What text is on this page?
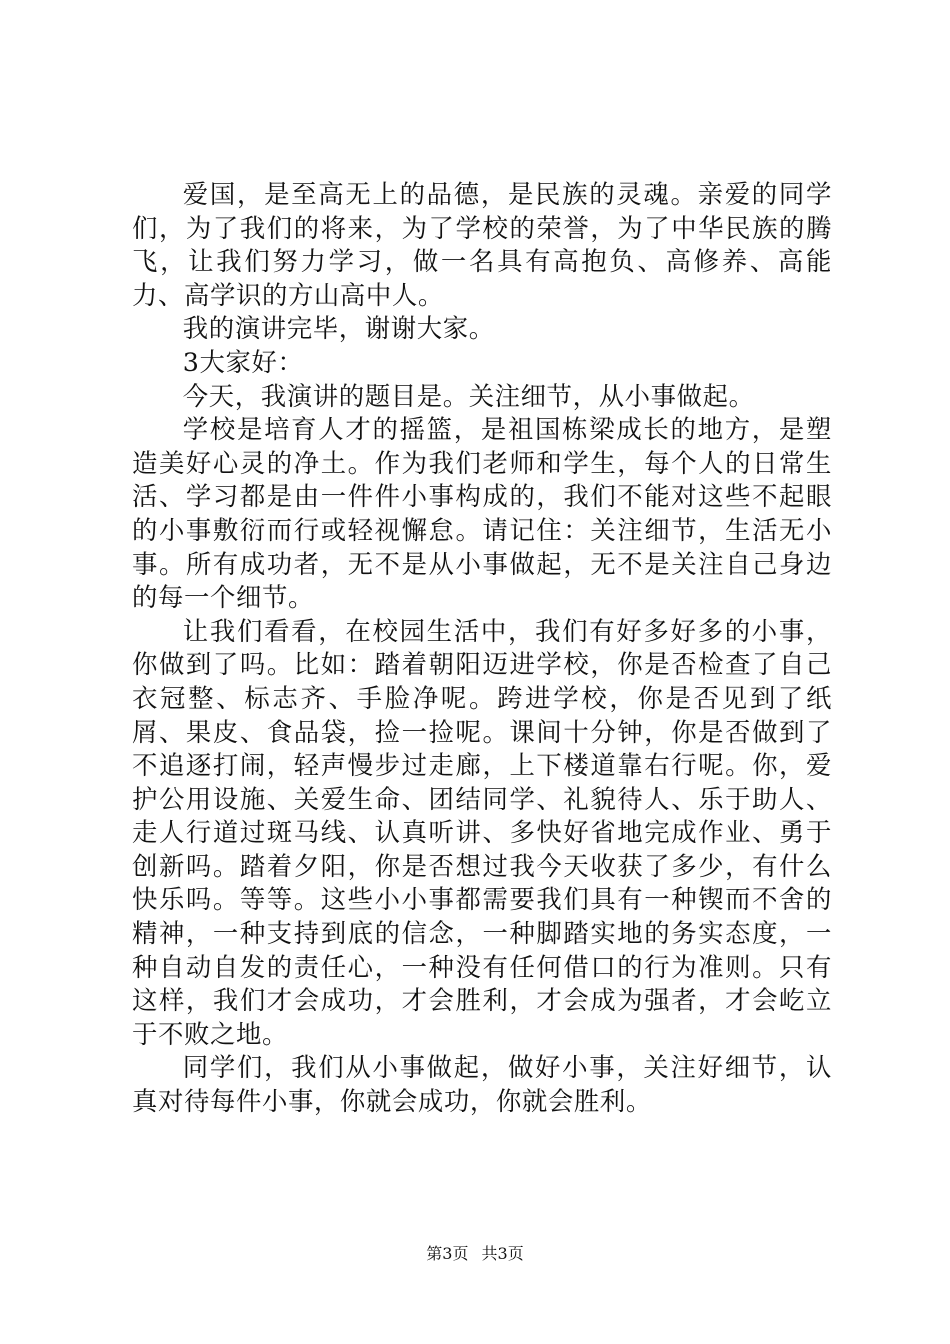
爱国，是至高无上的品德，是民族的灵魂。亲爱的同学们，为了我们的将来，为了学校的荣誉，为了中华民族的腾飞，让我们努力学习，做一名具有高抱负、高修养、高能力、高学识的方山高中人。

我的演讲完毕，谢谢大家。

3大家好：

今天，我演讲的题目是。关注细节，从小事做起。

学校是培育人才的摇篮，是祖国栋梁成长的地方，是塑造美好心灵的净土。作为我们老师和学生，每个人的日常生活、学习都是由一件件小事构成的，我们不能对这些不起眼的小事敷衍而行或轻视懈怠。请记住：关注细节，生活无小事。所有成功者，无不是从小事做起，无不是关注自己身边的每一个细节。

让我们看看，在校园生活中，我们有好多好多的小事，你做到了吗。比如：踏着朝阳迈进学校，你是否检查了自己衣冠整、标志齐、手脸净呢。跨进学校，你是否见到了纸屑、果皮、食品袋，捡一捡呢。课间十分钟，你是否做到了不追逐打闹，轻声慢步过走廊，上下楼道靠右行呢。你，爱护公用设施、关爱生命、团结同学、礼貌待人、乐于助人、走人行道过斑马线、认真听讲、多快好省地完成作业、勇于创新吗。踏着夕阳，你是否想过我今天收获了多少，有什么快乐吗。等等。这些小小事都需要我们具有一种锲而不舍的精神，一种支持到底的信念，一种脚踏实地的务实态度，一种自动自发的责任心，一种没有任何借口的行为准则。只有这样，我们才会成功，才会胜利，才会成为强者，才会屹立于不败之地。

同学们，我们从小事做起，做好小事，关注好细节，认真对待每件小事，你就会成功，你就会胜利。

第3页 共3页
